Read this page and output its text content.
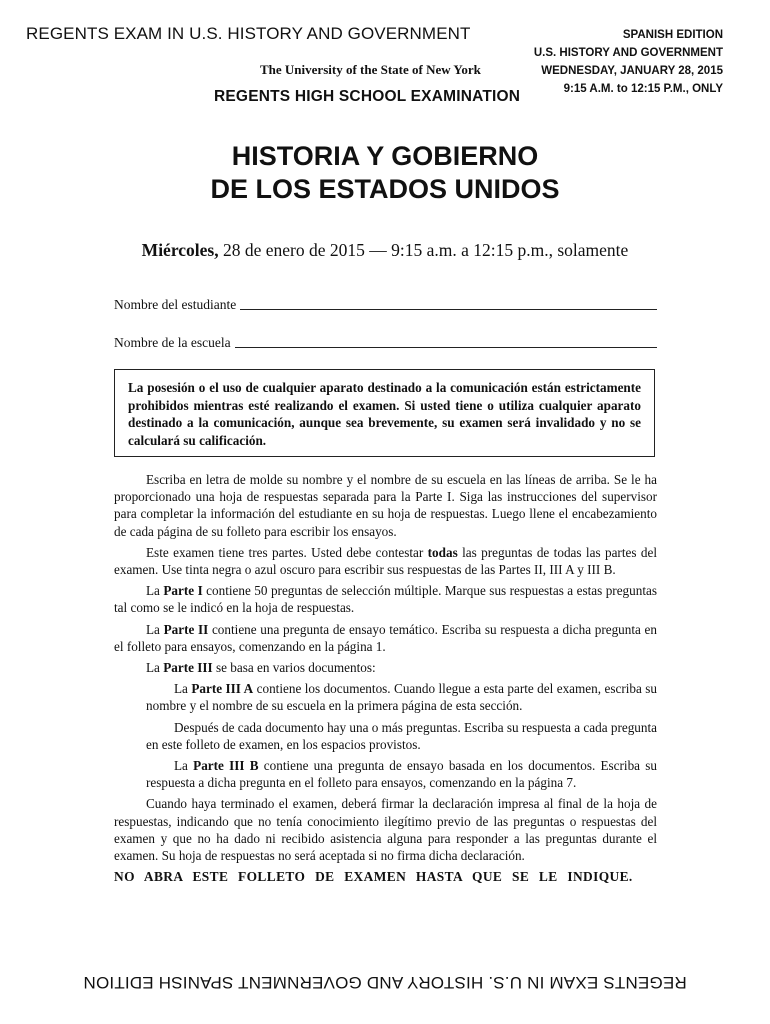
REGENTS EXAM IN U.S. HISTORY AND GOVERNMENT	SPANISH EDITION
U.S. HISTORY AND GOVERNMENT
WEDNESDAY, JANUARY 28, 2015
9:15 A.M. to 12:15 P.M., ONLY
The University of the State of New York
REGENTS HIGH SCHOOL EXAMINATION
HISTORIA Y GOBIERNO
DE LOS ESTADOS UNIDOS
Miércoles, 28 de enero de 2015 — 9:15 a.m. a 12:15 p.m., solamente
Nombre del estudiante
Nombre de la escuela
La posesión o el uso de cualquier aparato destinado a la comunicación están estrictamente prohibidos mientras esté realizando el examen. Si usted tiene o utiliza cualquier aparato destinado a la comunicación, aunque sea brevemente, su examen será invalidado y no se calculará su calificación.

Escriba en letra de molde su nombre y el nombre de su escuela en las líneas de arriba. Se le ha proporcionado una hoja de respuestas separada para la Parte I. Siga las instrucciones del supervisor para completar la información del estudiante en su hoja de respuestas. Luego llene el encabezamiento de cada página de su folleto para escribir los ensayos.

Este examen tiene tres partes. Usted debe contestar todas las preguntas de todas las partes del examen. Use tinta negra o azul oscuro para escribir sus respuestas de las Partes II, III A y III B.

La Parte I contiene 50 preguntas de selección múltiple. Marque sus respuestas a estas preguntas tal como se le indicó en la hoja de respuestas.

La Parte II contiene una pregunta de ensayo temático. Escriba su respuesta a dicha pregunta en el folleto para ensayos, comenzando en la página 1.

La Parte III se basa en varios documentos:

La Parte III A contiene los documentos. Cuando llegue a esta parte del examen, escriba su nombre y el nombre de su escuela en la primera página de esta sección.

Después de cada documento hay una o más preguntas. Escriba su respuesta a cada pregunta en este folleto de examen, en los espacios provistos.

La Parte III B contiene una pregunta de ensayo basada en los documentos. Escriba su respuesta a dicha pregunta en el folleto para ensayos, comenzando en la página 7.

Cuando haya terminado el examen, deberá firmar la declaración impresa al final de la hoja de respuestas, indicando que no tenía conocimiento ilegítimo previo de las preguntas o respuestas del examen y que no ha dado ni recibido asistencia alguna para responder a las preguntas durante el examen. Su hoja de respuestas no será aceptada si no firma dicha declaración.

NO ABRA ESTE FOLLETO DE EXAMEN HASTA QUE SE LE INDIQUE.

REGENTS EXAM IN U.S. HISTORY AND GOVERNMENT SPANISH EDITION
